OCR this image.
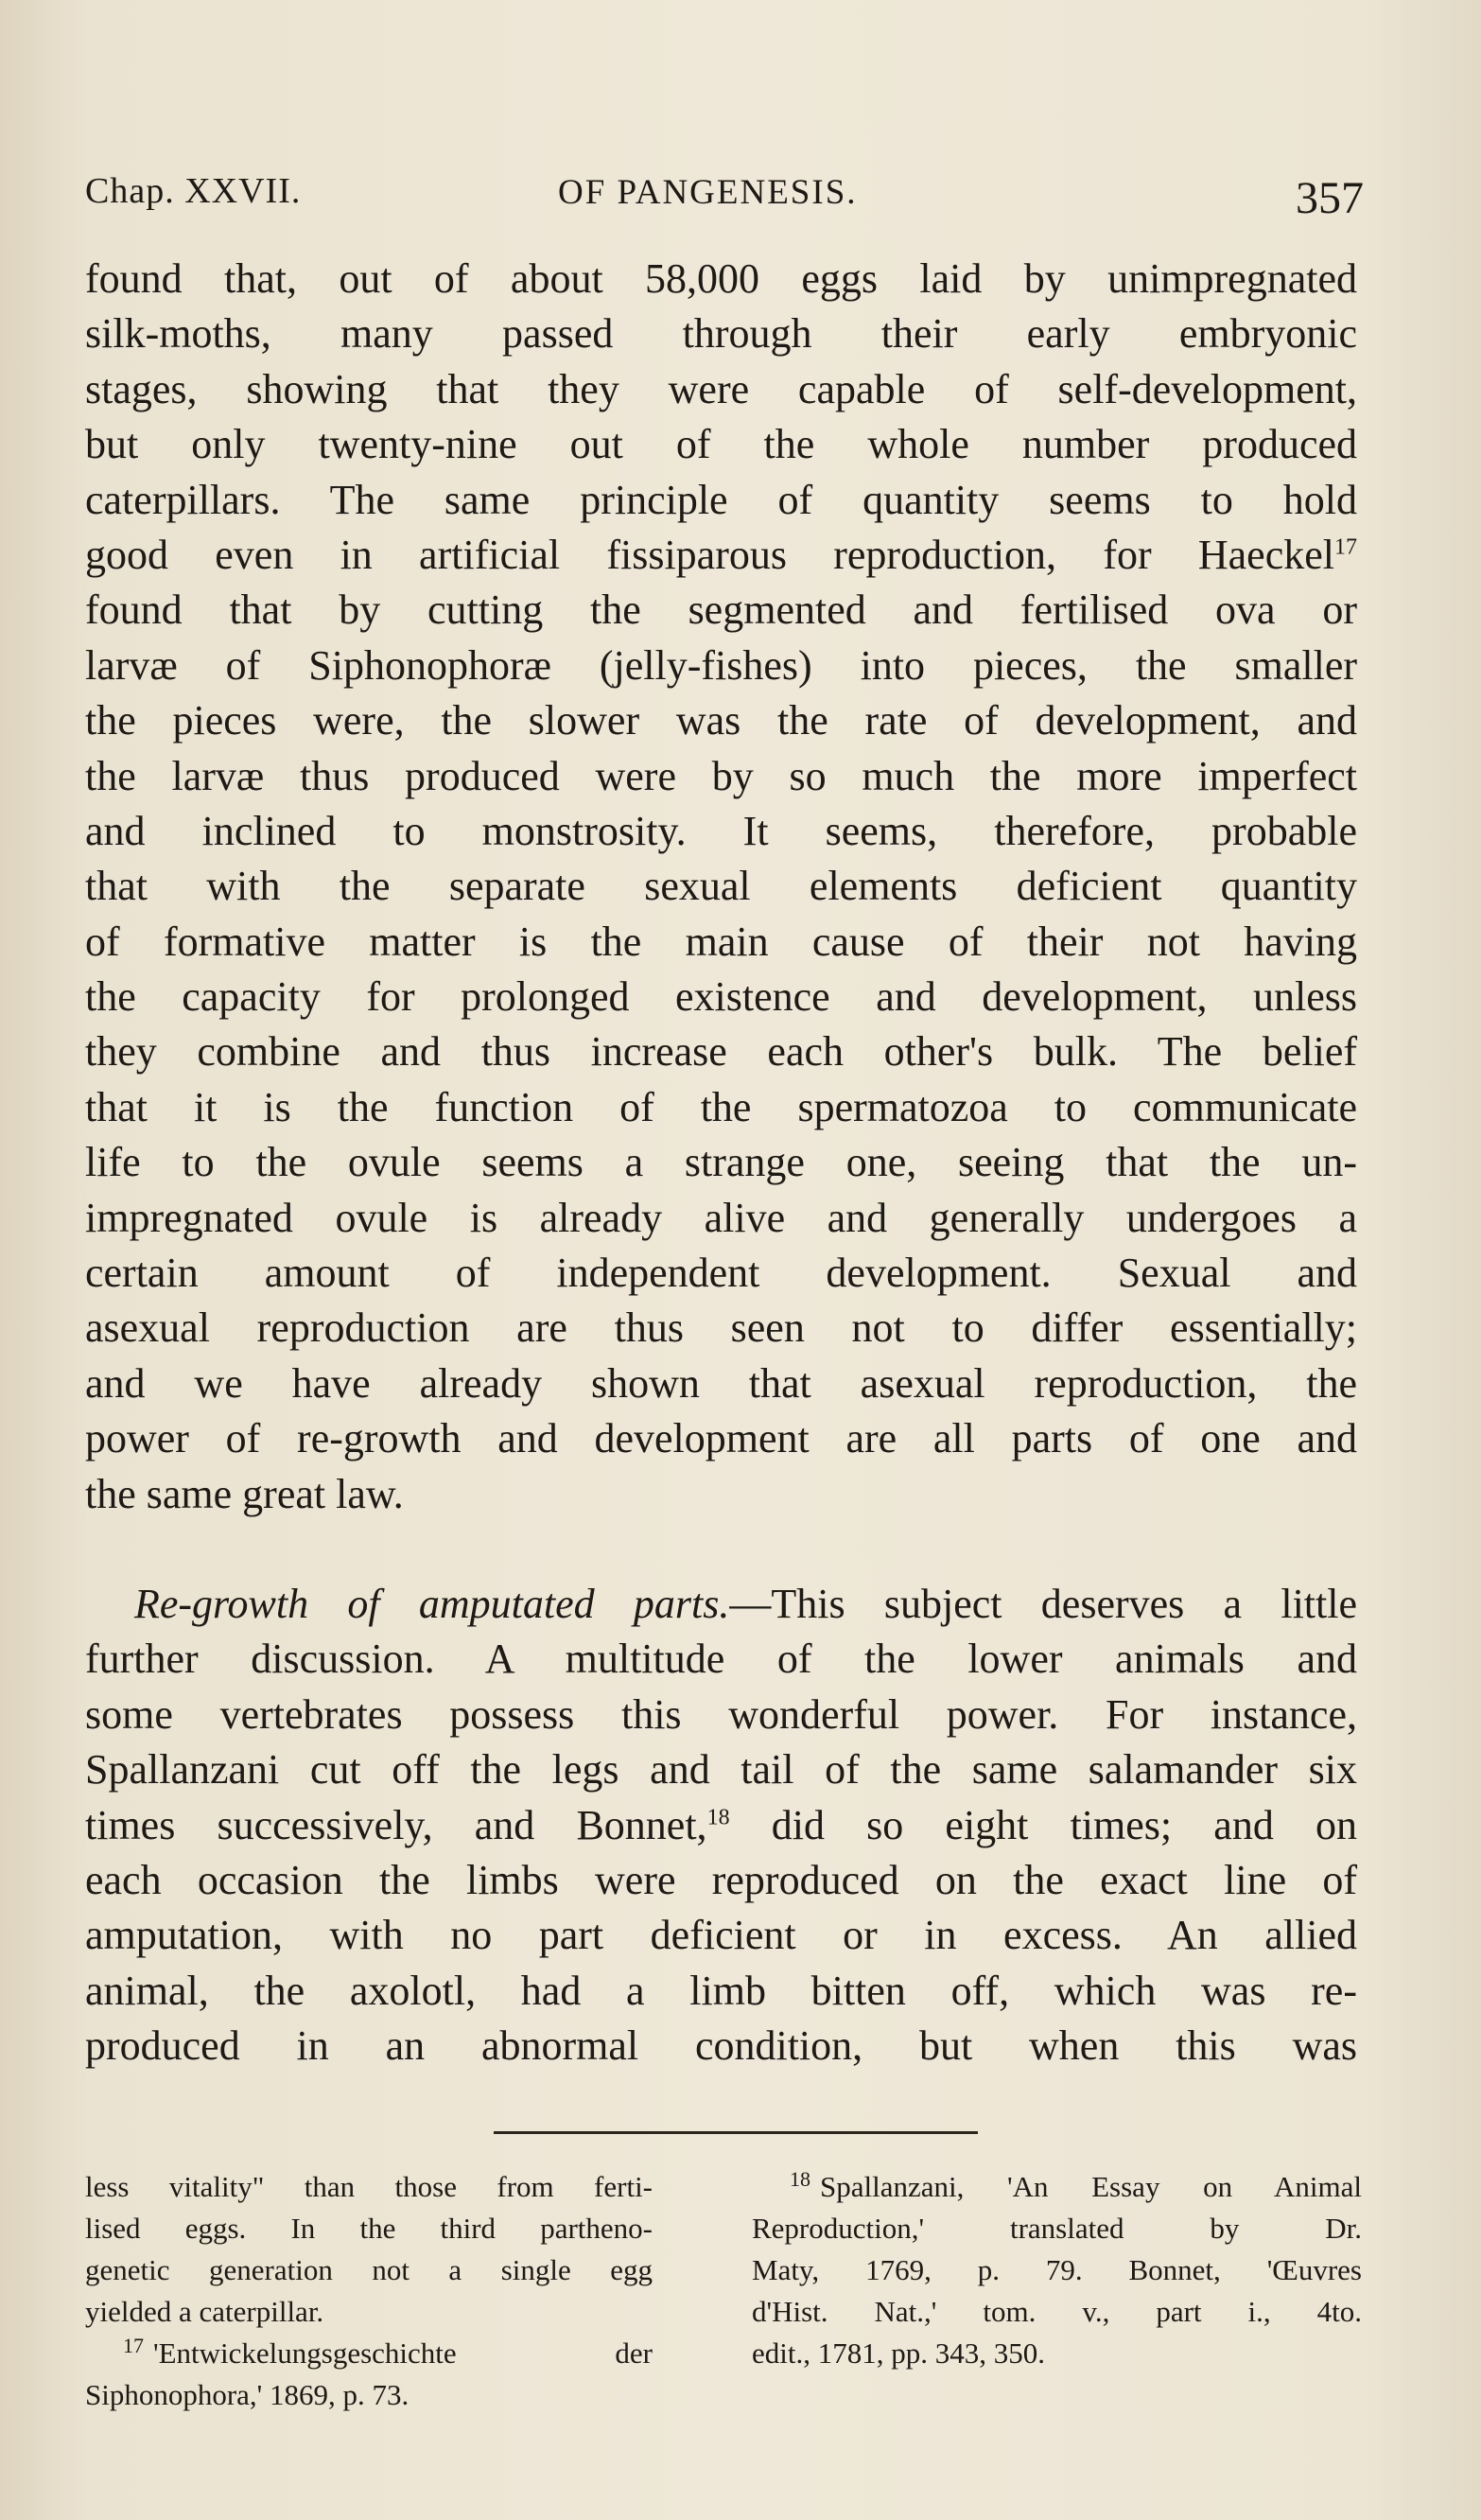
Chap. XXVII.	OF PANGENESIS.	357
found that, out of about 58,000 eggs laid by unimpregnated
silk-moths, many passed through their early embryonic
stages, showing that they were capable of self-development,
but only twenty-nine out of the whole number produced
caterpillars. The same principle of quantity seems to hold
good even in artificial fissiparous reproduction, for Haeckel$^{17}$
found that by cutting the segmented and fertilised ova or
larvæ of Siphonophoræ (jelly-fishes) into pieces, the smaller
the pieces were, the slower was the rate of development, and
the larvæ thus produced were by so much the more imperfect
and inclined to monstrosity. It seems, therefore, probable
that with the separate sexual elements deficient quantity
of formative matter is the main cause of their not having
the capacity for prolonged existence and development, unless
they combine and thus increase each other's bulk. The belief
that it is the function of the spermatozoa to communicate
life to the ovule seems a strange one, seeing that the un-
impregnated ovule is already alive and generally undergoes a
certain amount of independent development. Sexual and
asexual reproduction are thus seen not to differ essentially;
and we have already shown that asexual reproduction, the
power of re-growth and development are all parts of one and
the same great law.
Re-growth of amputated parts.—This subject deserves a little
further discussion. A multitude of the lower animals and
some vertebrates possess this wonderful power. For instance,
Spallanzani cut off the legs and tail of the same salamander six
times successively, and Bonnet,$^{18}$ did so eight times; and on
each occasion the limbs were reproduced on the exact line of
amputation, with no part deficient or in excess. An allied
animal, the axolotl, had a limb bitten off, which was re-
produced in an abnormal condition, but when this was
less vitality" than those from ferti-
lised eggs. In the third partheno-
genetic generation not a single egg
yielded a caterpillar.
$^{17}$ 'Entwickelungsgeschichte der
Siphonophora,' 1869, p. 73.
$^{18}$ Spallanzani, 'An Essay on Animal
Reproduction,' translated by Dr.
Maty, 1769, p. 79. Bonnet, 'Œuvres
d'Hist. Nat.,' tom. v., part i., 4to.
edit., 1781, pp. 343, 350.
